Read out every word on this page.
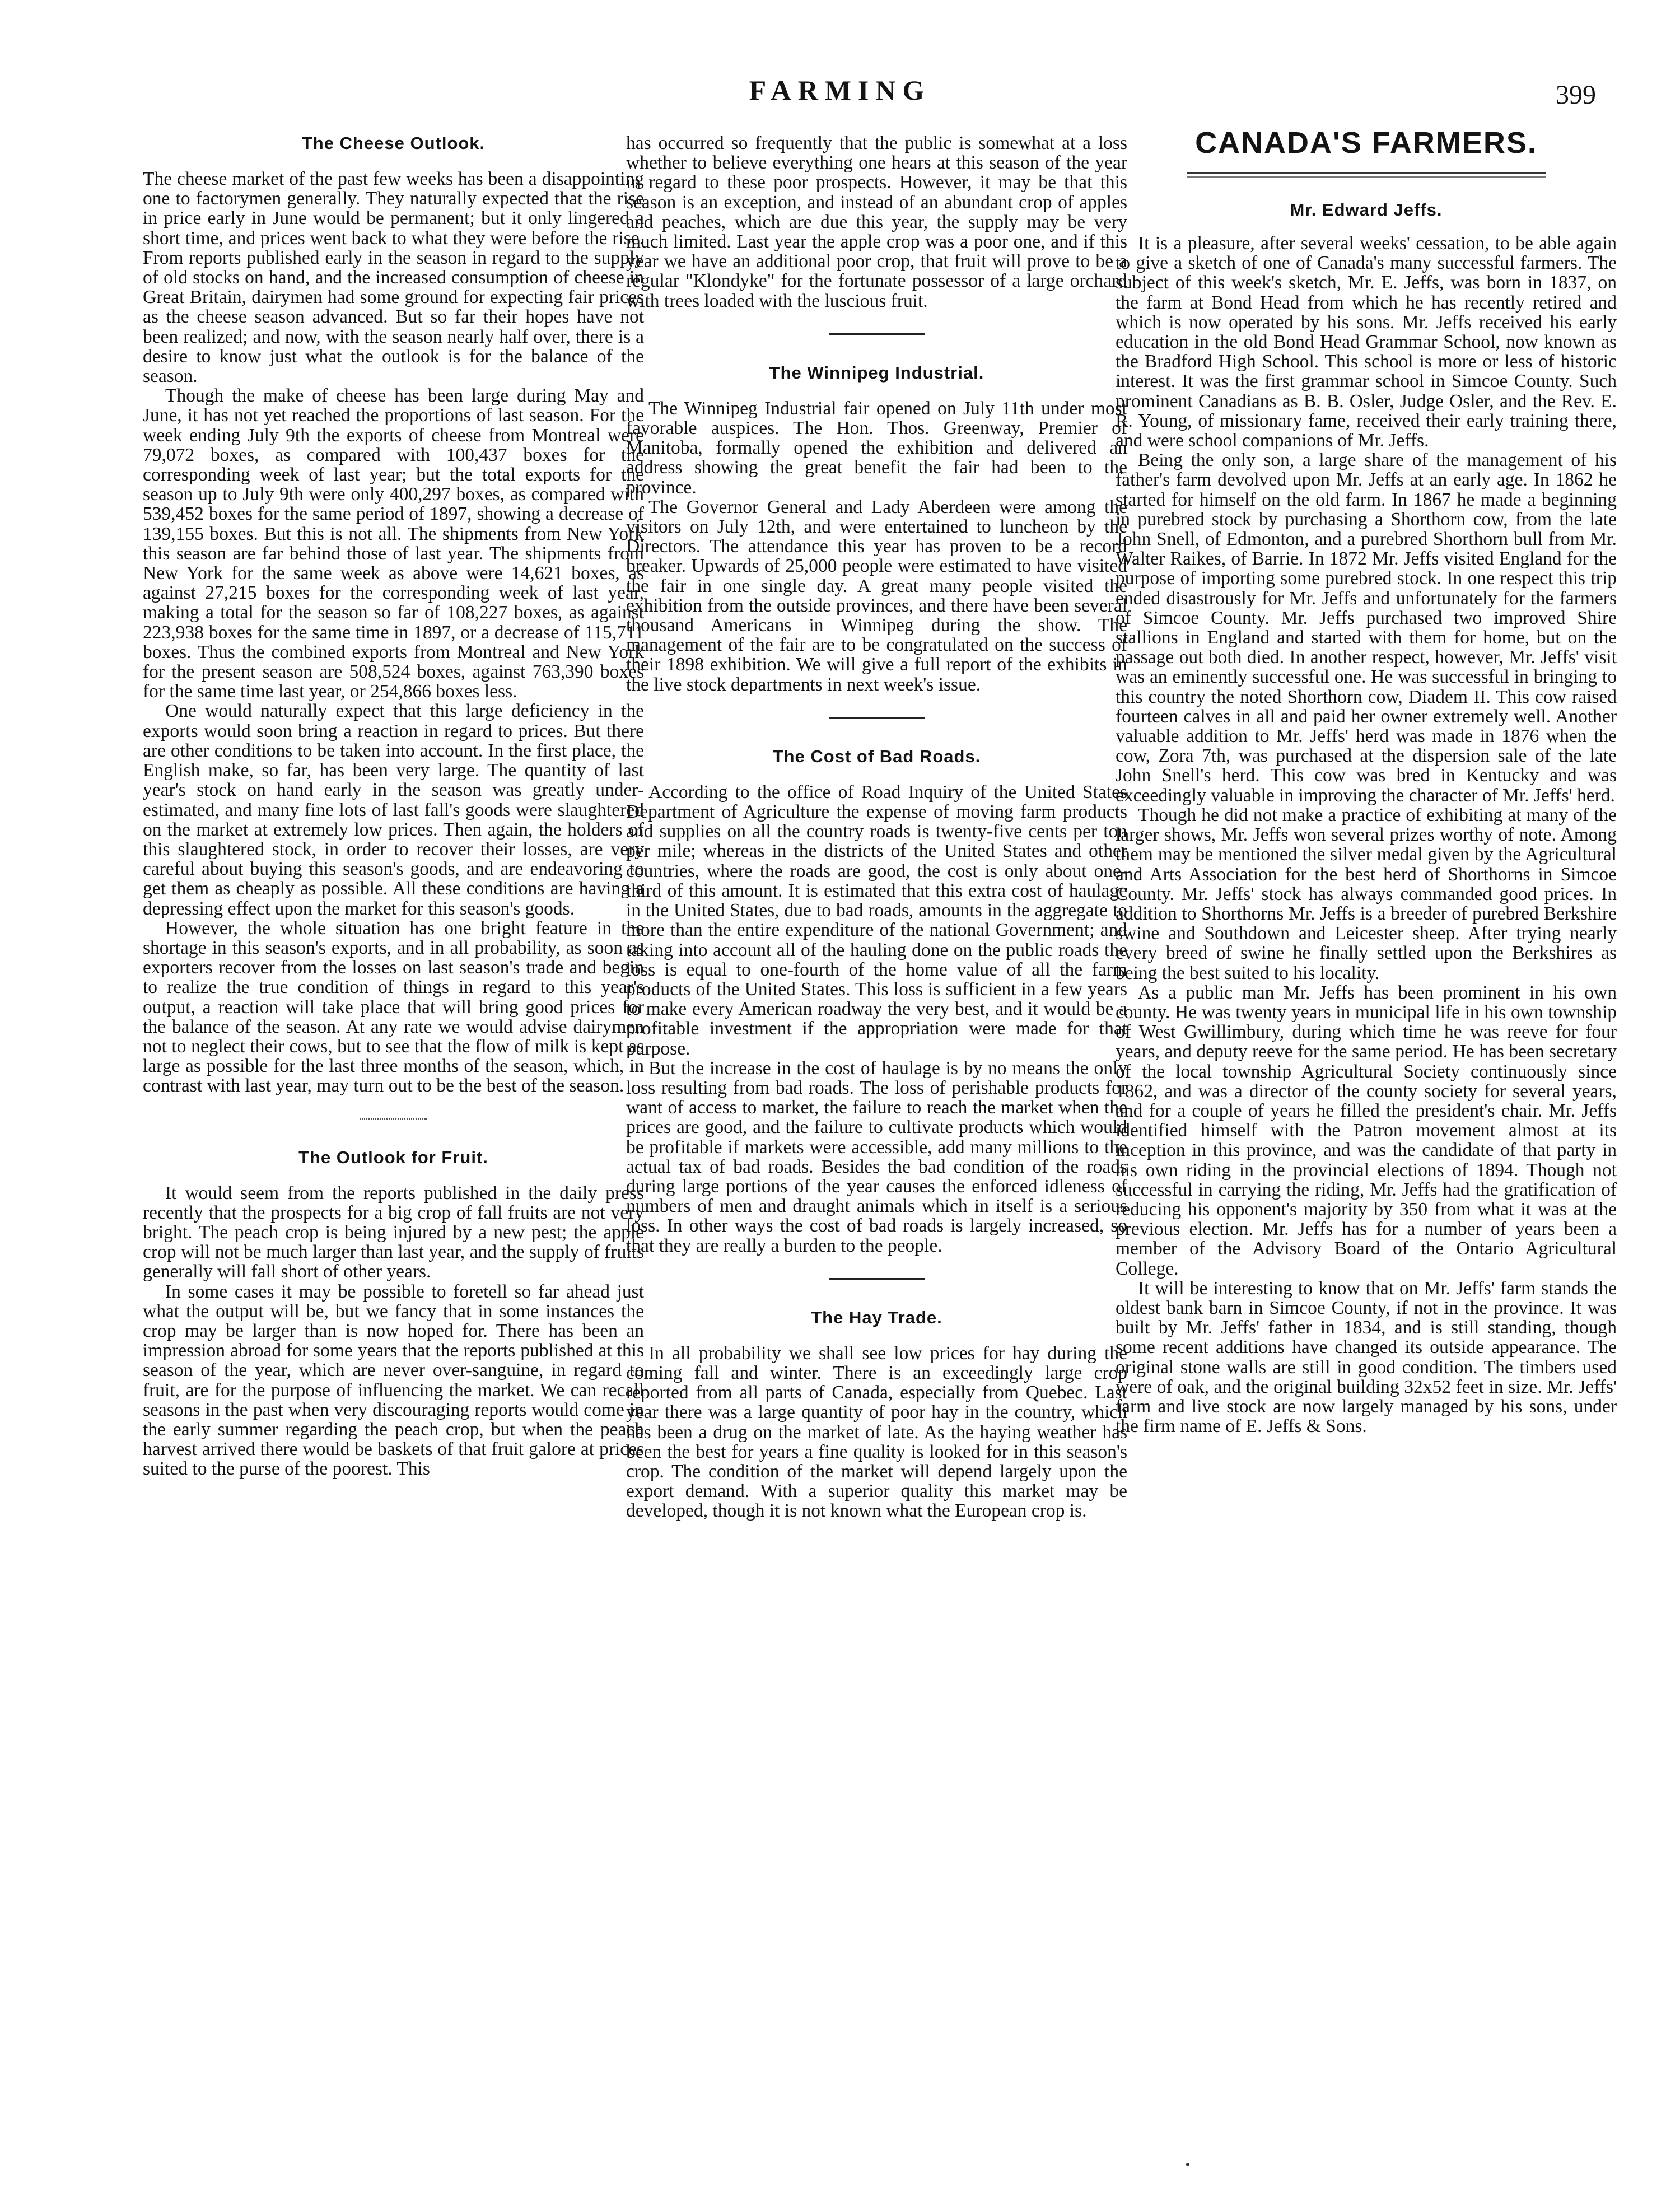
FARMING	399
The Cheese Outlook.

The cheese market of the past few weeks has been a disappointing one to factorymen generally. They naturally expected that the rise in price early in June would be permanent; but it only lingered a short time, and prices went back to what they were before the rise. From reports published early in the season in regard to the supply of old stocks on hand, and the increased consumption of cheese in Great Britain, dairymen had some ground for expecting fair prices as the cheese season advanced. But so far their hopes have not been realized; and now, with the season nearly half over, there is a desire to know just what the outlook is for the balance of the season.

Though the make of cheese has been large during May and June, it has not yet reached the proportions of last season. For the week ending July 9th the exports of cheese from Montreal were 79,072 boxes, as compared with 100,437 boxes for the corresponding week of last year; but the total exports for the season up to July 9th were only 400,297 boxes, as compared with 539,452 boxes for the same period of 1897, showing a decrease of 139,155 boxes. But this is not all. The shipments from New York this season are far behind those of last year. The shipments from New York for the same week as above were 14,621 boxes, as against 27,215 boxes for the corresponding week of last year, making a total for the season so far of 108,227 boxes, as against 223,938 boxes for the same time in 1897, or a decrease of 115,711 boxes. Thus the combined exports from Montreal and New York for the present season are 508,524 boxes, against 763,390 boxes for the same time last year, or 254,866 boxes less.

One would naturally expect that this large deficiency in the exports would soon bring a reaction in regard to prices. But there are other conditions to be taken into account. In the first place, the English make, so far, has been very large. The quantity of last year's stock on hand early in the season was greatly under-estimated, and many fine lots of last fall's goods were slaughtered on the market at extremely low prices. Then again, the holders of this slaughtered stock, in order to recover their losses, are very careful about buying this season's goods, and are endeavoring to get them as cheaply as possible. All these conditions are having a depressing effect upon the market for this season's goods.

However, the whole situation has one bright feature in the shortage in this season's exports, and in all probability, as soon as exporters recover from the losses on last season's trade and begin to realize the true condition of things in regard to this year's output, a reaction will take place that will bring good prices for the balance of the season. At any rate we would advise dairymen not to neglect their cows, but to see that the flow of milk is kept as large as possible for the last three months of the season, which, in contrast with last year, may turn out to be the best of the season.

The Outlook for Fruit.

It would seem from the reports published in the daily press recently that the prospects for a big crop of fall fruits are not very bright. The peach crop is being injured by a new pest; the apple crop will not be much larger than last year, and the supply of fruits generally will fall short of other years.

In some cases it may be possible to foretell so far ahead just what the output will be, but we fancy that in some instances the crop may be larger than is now hoped for. There has been an impression abroad for some years that the reports published at this season of the year, which are never over-sanguine, in regard to fruit, are for the purpose of influencing the market. We can recall seasons in the past when very discouraging reports would come in the early summer regarding the peach crop, but when the peach harvest arrived there would be baskets of that fruit galore at prices suited to the purse of the poorest. This

has occurred so frequently that the public is somewhat at a loss whether to believe everything one hears at this season of the year in regard to these poor prospects. However, it may be that this season is an exception, and instead of an abundant crop of apples and peaches, which are due this year, the supply may be very much limited. Last year the apple crop was a poor one, and if this year we have an additional poor crop, that fruit will prove to be a regular "Klondyke" for the fortunate possessor of a large orchard with trees loaded with the luscious fruit.

The Winnipeg Industrial.

The Winnipeg Industrial fair opened on July 11th under most favorable auspices. The Hon. Thos. Greenway, Premier of Manitoba, formally opened the exhibition and delivered an address showing the great benefit the fair had been to the province.

The Governor General and Lady Aberdeen were among the visitors on July 12th, and were entertained to luncheon by the Directors. The attendance this year has proven to be a record breaker. Upwards of 25,000 people were estimated to have visited the fair in one single day. A great many people visited the exhibition from the outside provinces, and there have been several thousand Americans in Winnipeg during the show. The management of the fair are to be congratulated on the success of their 1898 exhibition. We will give a full report of the exhibits in the live stock departments in next week's issue.

The Cost of Bad Roads.

According to the office of Road Inquiry of the United States Department of Agriculture the expense of moving farm products and supplies on all the country roads is twenty-five cents per ton per mile; whereas in the districts of the United States and other countries, where the roads are good, the cost is only about one-third of this amount. It is estimated that this extra cost of haulage in the United States, due to bad roads, amounts in the aggregate to more than the entire expenditure of the national Government; and taking into account all of the hauling done on the public roads the loss is equal to one-fourth of the home value of all the farm products of the United States. This loss is sufficient in a few years to make every American roadway the very best, and it would be a profitable investment if the appropriation were made for that purpose.

But the increase in the cost of haulage is by no means the only loss resulting from bad roads. The loss of perishable products for want of access to market, the failure to reach the market when the prices are good, and the failure to cultivate products which would be profitable if markets were accessible, add many millions to the actual tax of bad roads. Besides the bad condition of the roads during large portions of the year causes the enforced idleness of numbers of men and draught animals which in itself is a serious loss. In other ways the cost of bad roads is largely increased, so that they are really a burden to the people.

The Hay Trade.

In all probability we shall see low prices for hay during the coming fall and winter. There is an exceedingly large crop reported from all parts of Canada, especially from Quebec. Last year there was a large quantity of poor hay in the country, which has been a drug on the market of late. As the haying weather has been the best for years a fine quality is looked for in this season's crop. The condition of the market will depend largely upon the export demand. With a superior quality this market may be developed, though it is not known what the European crop is.

CANADA'S FARMERS.
Mr. Edward Jeffs.

It is a pleasure, after several weeks' cessation, to be able again to give a sketch of one of Canada's many successful farmers. The subject of this week's sketch, Mr. E. Jeffs, was born in 1837, on the farm at Bond Head from which he has recently retired and which is now operated by his sons. Mr. Jeffs received his early education in the old Bond Head Grammar School, now known as the Bradford High School. This school is more or less of historic interest. It was the first grammar school in Simcoe County. Such prominent Canadians as B. B. Osler, Judge Osler, and the Rev. E. R. Young, of missionary fame, received their early training there, and were school companions of Mr. Jeffs.

Being the only son, a large share of the management of his father's farm devolved upon Mr. Jeffs at an early age. In 1862 he started for himself on the old farm. In 1867 he made a beginning in purebred stock by purchasing a Shorthorn cow, from the late John Snell, of Edmonton, and a purebred Shorthorn bull from Mr. Walter Raikes, of Barrie. In 1872 Mr. Jeffs visited England for the purpose of importing some purebred stock. In one respect this trip ended disastrously for Mr. Jeffs and unfortunately for the farmers of Simcoe County. Mr. Jeffs purchased two improved Shire stallions in England and started with them for home, but on the passage out both died. In another respect, however, Mr. Jeffs' visit was an eminently successful one. He was successful in bringing to this country the noted Shorthorn cow, Diadem II. This cow raised fourteen calves in all and paid her owner extremely well. Another valuable addition to Mr. Jeffs' herd was made in 1876 when the cow, Zora 7th, was purchased at the dispersion sale of the late John Snell's herd. This cow was bred in Kentucky and was exceedingly valuable in improving the character of Mr. Jeffs' herd.

Though he did not make a practice of exhibiting at many of the larger shows, Mr. Jeffs won several prizes worthy of note. Among them may be mentioned the silver medal given by the Agricultural and Arts Association for the best herd of Shorthorns in Simcoe County. Mr. Jeffs' stock has always commanded good prices. In addition to Shorthorns Mr. Jeffs is a breeder of purebred Berkshire swine and Southdown and Leicester sheep. After trying nearly every breed of swine he finally settled upon the Berkshires as being the best suited to his locality.

As a public man Mr. Jeffs has been prominent in his own county. He was twenty years in municipal life in his own township of West Gwillimbury, during which time he was reeve for four years, and deputy reeve for the same period. He has been secretary of the local township Agricultural Society continuously since 1862, and was a director of the county society for several years, and for a couple of years he filled the president's chair. Mr. Jeffs identified himself with the Patron movement almost at its inception in this province, and was the candidate of that party in his own riding in the provincial elections of 1894. Though not successful in carrying the riding, Mr. Jeffs had the gratification of reducing his opponent's majority by 350 from what it was at the previous election. Mr. Jeffs has for a number of years been a member of the Advisory Board of the Ontario Agricultural College.

It will be interesting to know that on Mr. Jeffs' farm stands the oldest bank barn in Simcoe County, if not in the province. It was built by Mr. Jeffs' father in 1834, and is still standing, though some recent additions have changed its outside appearance. The original stone walls are still in good condition. The timbers used were of oak, and the original building 32x52 feet in size. Mr. Jeffs' farm and live stock are now largely managed by his sons, under the firm name of E. Jeffs & Sons.
